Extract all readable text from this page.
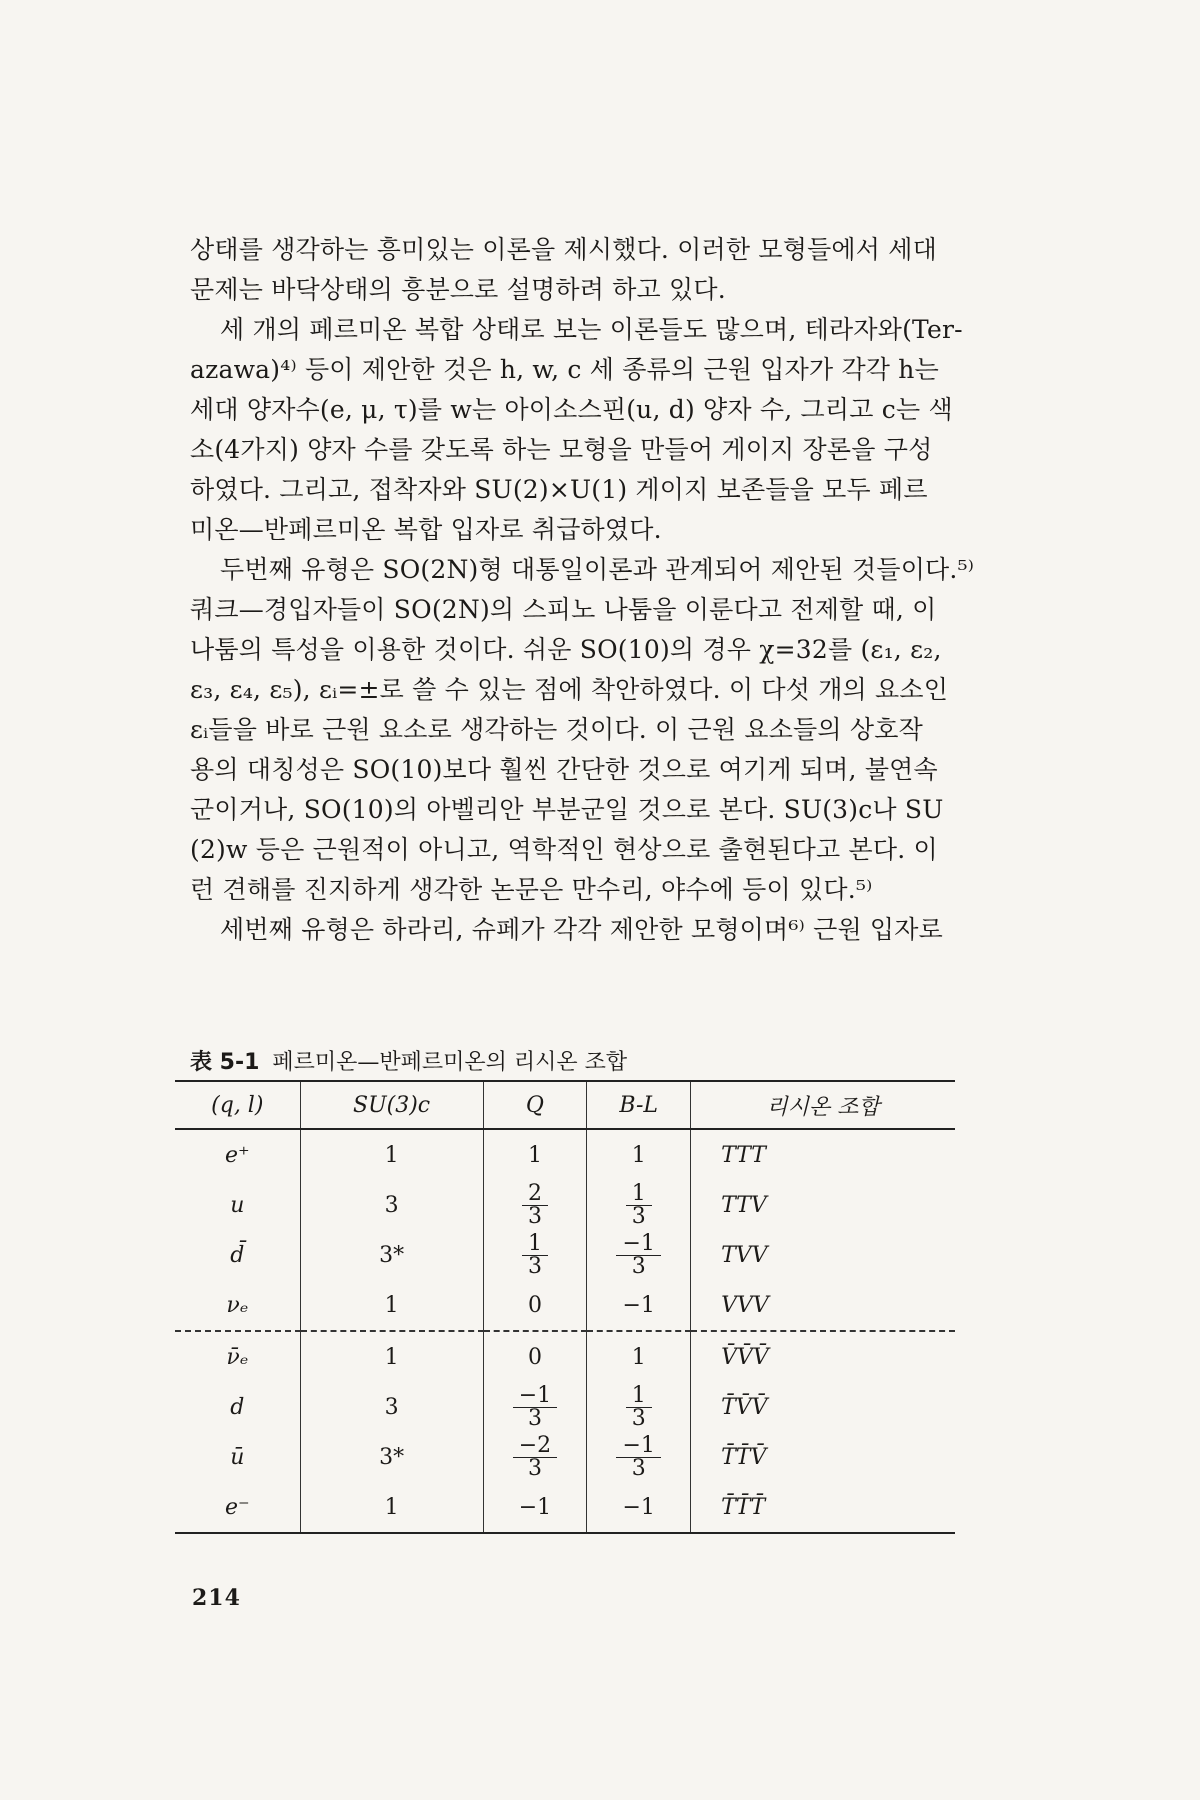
상태를 생각하는 흥미있는 이론을 제시했다. 이러한 모형들에서 세대
문제는 바닥상태의 흥분으로 설명하려 하고 있다.
세 개의 페르미온 복합 상태로 보는 이론들도 많으며, 테라자와(Ter-
azawa)⁴⁾ 등이 제안한 것은 h, w, c 세 종류의 근원 입자가 각각 h는
세대 양자수(e, μ, τ)를 w는 아이소스핀(u, d) 양자 수, 그리고 c는 색
소(4가지) 양자 수를 갖도록 하는 모형을 만들어 게이지 장론을 구성
하였다. 그리고, 접착자와 SU(2)×U(1) 게이지 보존들을 모두 페르
미온—반페르미온 복합 입자로 취급하였다.
두번째 유형은 SO(2N)형 대통일이론과 관계되어 제안된 것들이다.⁵⁾
쿼크—경입자들이 SO(2N)의 스피노 나툼을 이룬다고 전제할 때, 이
나툼의 특성을 이용한 것이다. 쉬운 SO(10)의 경우 χ=32를 (ε₁, ε₂,
ε₃, ε₄, ε₅), εᵢ=±로 쓸 수 있는 점에 착안하였다. 이 다섯 개의 요소인
εᵢ들을 바로 근원 요소로 생각하는 것이다. 이 근원 요소들의 상호작
용의 대칭성은 SO(10)보다 훨씬 간단한 것으로 여기게 되며, 불연속
군이거나, SO(10)의 아벨리안 부분군일 것으로 본다. SU(3)c나 SU
(2)w 등은 근원적이 아니고, 역학적인 현상으로 출현된다고 본다. 이
런 견해를 진지하게 생각한 논문은 만수리, 야수에 등이 있다.⁵⁾
세번째 유형은 하라리, 슈페가 각각 제안한 모형이며⁶⁾ 근원 입자로
表 5-1 페르미온—반페르미온의 리시온 조합
(q, l)	SU(3)c	Q	B-L	리시온 조합
e⁺	1	1	1	TTT
u	3	$\frac{2}{3}$	$\frac{1}{3}$	TTV
d̄	3*	$\frac{1}{3}$	$\frac{-1}{3}$	TVV
νₑ	1	0	−1	VVV
ν̄ₑ	1	0	1	V̄V̄V̄
d	3	$\frac{-1}{3}$	$\frac{1}{3}$	T̄V̄V̄
ū	3*	$\frac{-2}{3}$	$\frac{-1}{3}$	T̄T̄V̄
e⁻	1	−1	−1	T̄T̄T̄
214
